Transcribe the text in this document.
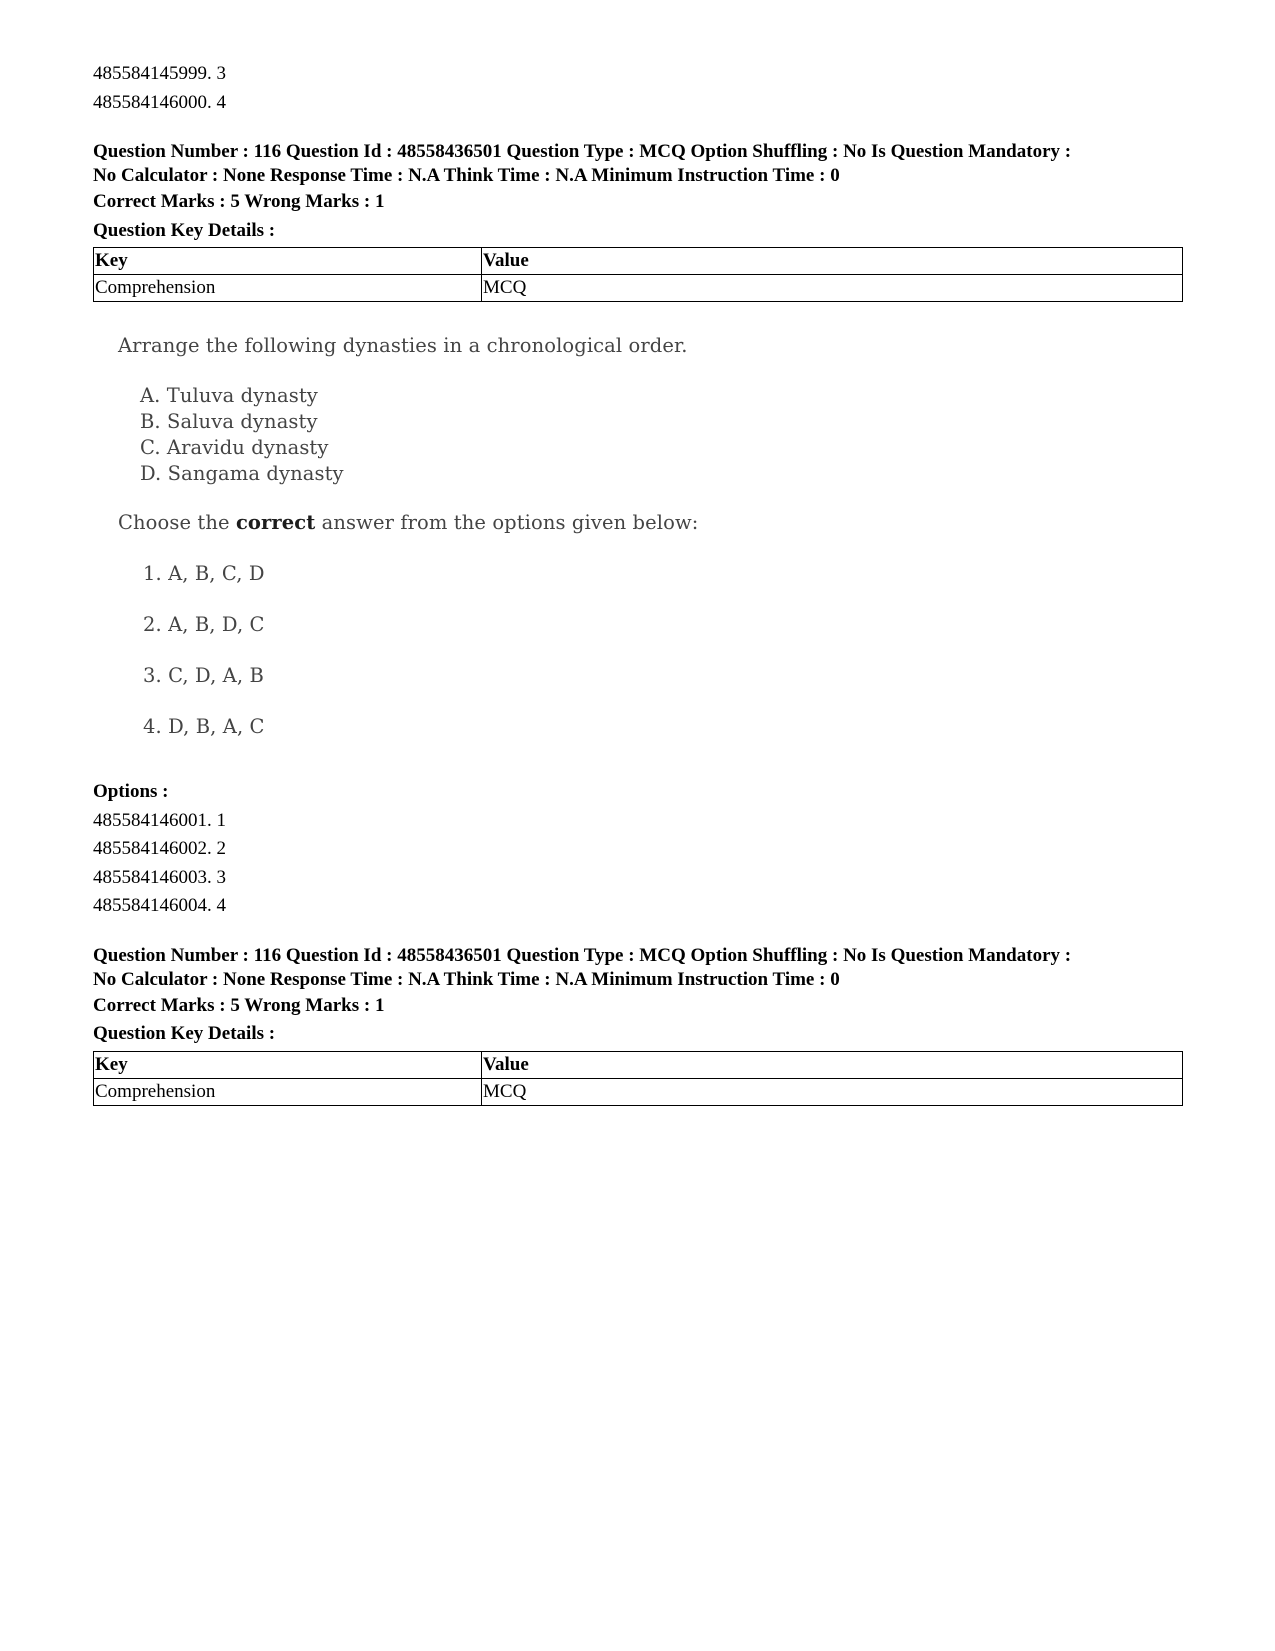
485584145999. 3

485584146000. 4

Question Number : 116 Question Id : 48558436501 Question Type : MCQ Option Shuffling : No Is Question Mandatory :

No Calculator : None Response Time : N.A Think Time : N.A Minimum Instruction Time : 0

Correct Marks : 5 Wrong Marks : 1

Question Key Details :

Key	Value
Comprehension	MCQ
Arrange the following dynasties in a chronological order.
A. Tuluva dynasty
B. Saluva dynasty
C. Aravidu dynasty
D. Sangama dynasty
Choose the correct answer from the options given below:
1. A, B, C, D
2. A, B, D, C
3. C, D, A, B
4. D, B, A, C

Options :

485584146001. 1

485584146002. 2

485584146003. 3

485584146004. 4

Question Number : 116 Question Id : 48558436501 Question Type : MCQ Option Shuffling : No Is Question Mandatory :

No Calculator : None Response Time : N.A Think Time : N.A Minimum Instruction Time : 0

Correct Marks : 5 Wrong Marks : 1

Question Key Details :

Key	Value
Comprehension	MCQ
